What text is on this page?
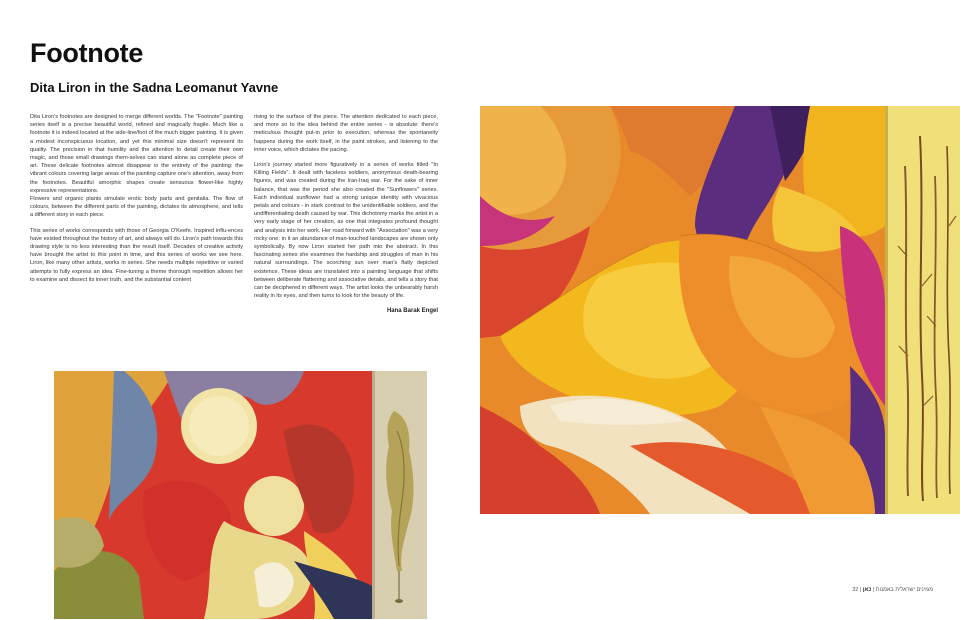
Footnote
Dita Liron in the Sadna Leomanut Yavne

Dita Liron's footnotes are designed to merge different worlds. The "Footnote" painting series itself is a precise beautiful world, refined and magically fragile. Much like a footnote it is indeed located at the side-line/foot of the much bigger painting. It is given a modest inconspicuous location, and yet this minimal size doesn't represent its quality. The precision in that humility and the attention to detail create their own magic, and those small drawings them-selves can stand alone as complete piece of art. These delicate footnotes almost disappear in the entirety of the painting: the vibrant colours covering large areas of the painting capture one's attention, away from the footnotes. Beautiful amorphic shapes create sensuous flower-like highly expressive representations.

Flowers and organic plants simulate erotic body parts and genitalia. The flow of colours, between the different parts of the painting, dictates its atmosphere, and tells a different story in each piece.

This series of works corresponds with those of Georgia O'Keefe. Inspired influ-ences have existed throughout the history of art, and always will do. Liron's path towards this drawing style is no less interesting than the result itself. Decades of creative activity have brought the artist to this point in time, and this series of works we see here. Liron, like many other artists, works in series. She needs multiple repetitive or varied attempts to fully express an idea. Fine-tuning a theme thorough repetition allows her to examine and dissect its inner truth, and the substantial content

rising to the surface of the piece. The attention dedicated to each piece, and more so to the idea behind the entire series - is absolute: there's meticulous thought put-in prior to execution, whereas the spontaneity happens during the work itself, in the paint strokes, and listening to the inner voice, which dictates the pacing.

Liron's journey started more figuratively in a series of works titled "In Killing Fields". It dealt with faceless soldiers, anonymous death-bearing figures, and was created during the Iran-Iraq war. For the sake of inner balance, that was the period she also created the "Sunflowers" series. Each individual sunflower had a strong unique identity with vivacious petals and colours - in stark contrast to the unidentifiable soldiers, and the undifferentiating death caused by war. This dichotomy marks the artist in a very early stage of her creation, as one that integrates profound thought and analysis into her work. Her road forward with "Association" was a very rocky one: in it an abundance of man-touched landscapes are shown only symbolically. By now Liron started her path into the abstract. In this fascinating series she examines the hardship and struggles of man in his natural surroundings. The scorching sun over man's flatly depicted existence. These ideas are translated into a painting language that shifts between deliberate flattening and associative details, and tells a story that can be deciphered in different ways. The artist looks the unbearably harsh reality in its eyes, and then turns to look for the beauty of life.

Hana Barak Engel
מגזינים ישראלית באמנות | כאן | 32
